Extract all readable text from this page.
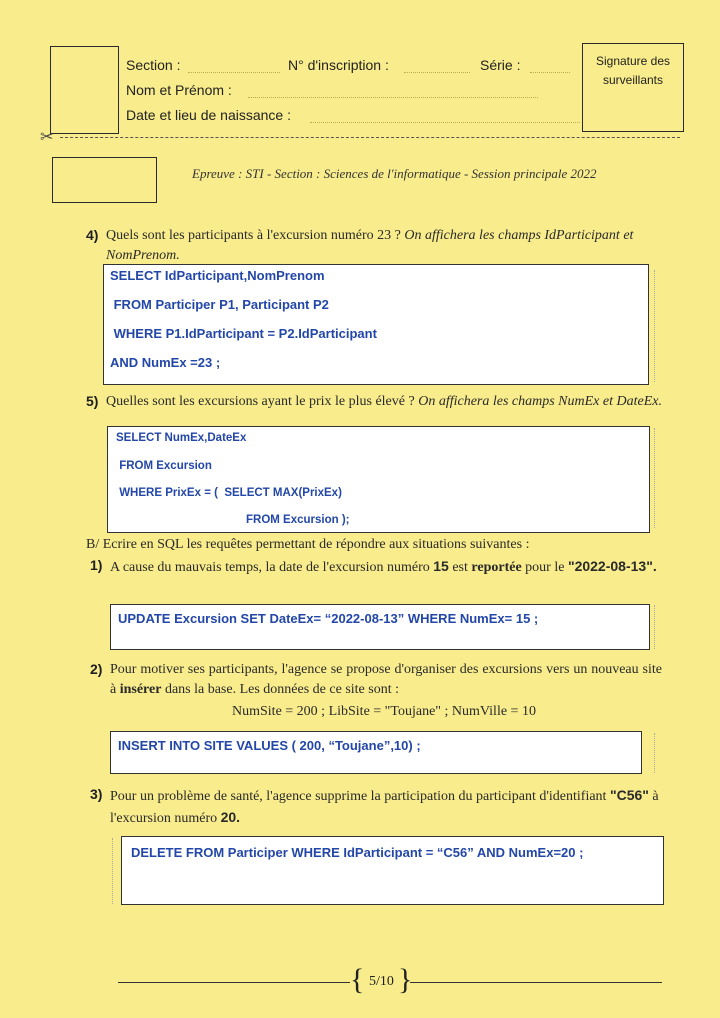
Section :	N° d'inscription :	Série :
Nom et Prénom :
Date et lieu de naissance :
Signature des surveillants
✂
Epreuve : STI - Section : Sciences de l'informatique - Session principale 2022
4) Quels sont les participants à l'excursion numéro 23 ? On affichera les champs IdParticipant et NomPrenom.
SELECT IdParticipant,NomPrenom
FROM Participer P1, Participant P2
WHERE P1.IdParticipant = P2.IdParticipant
AND NumEx =23 ;
5) Quelles sont les excursions ayant le prix le plus élevé ? On affichera les champs NumEx et DateEx.
SELECT NumEx,DateEx
FROM Excursion
WHERE PrixEx = (  SELECT MAX(PrixEx)
FROM Excursion );
B/ Ecrire en SQL les requêtes permettant de répondre aux situations suivantes :
1) A cause du mauvais temps, la date de l'excursion numéro 15 est reportée pour le "2022-08-13".
UPDATE Excursion SET DateEx= “2022-08-13” WHERE NumEx= 15 ;
2) Pour motiver ses participants, l'agence se propose d'organiser des excursions vers un nouveau site à insérer dans la base. Les données de ce site sont :
NumSite = 200 ; LibSite = "Toujane" ; NumVille = 10
INSERT INTO SITE VALUES ( 200, “Toujane”,10) ;
3) Pour un problème de santé, l'agence supprime la participation du participant d'identifiant "C56" à l'excursion numéro 20.
DELETE FROM Participer WHERE IdParticipant = “C56” AND NumEx=20 ;
{ 5/10 }
